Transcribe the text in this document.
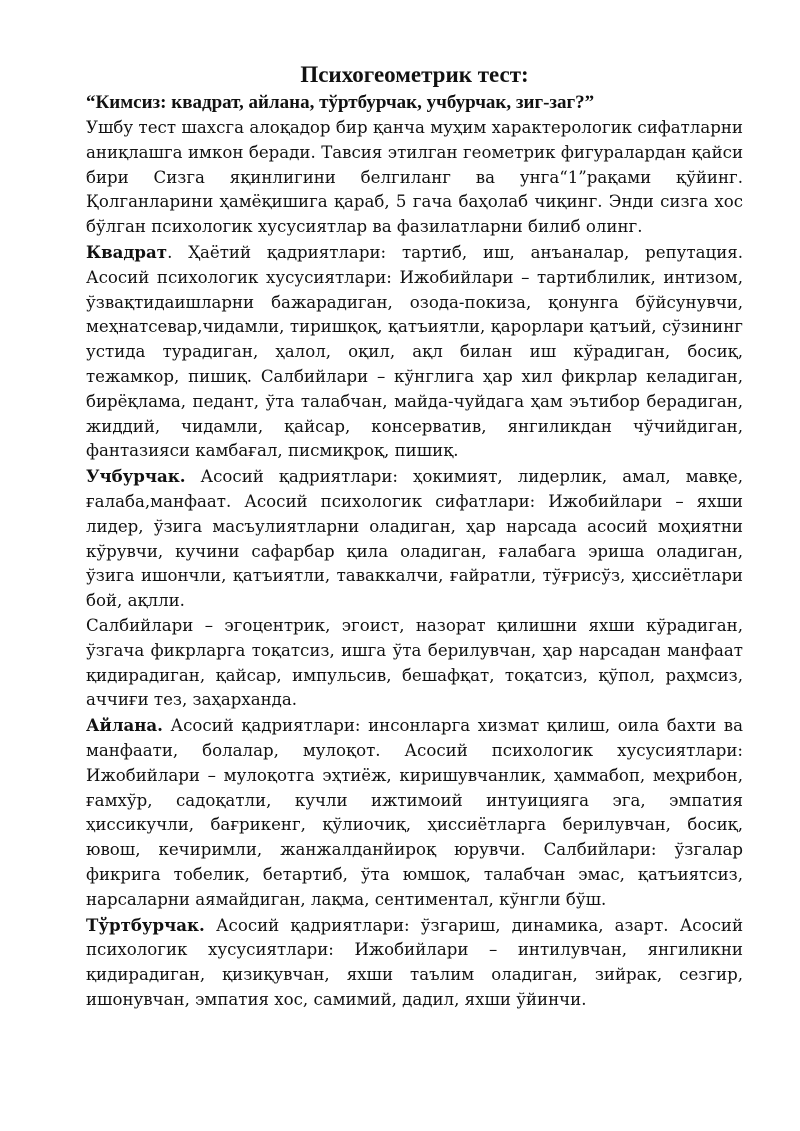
Психогеометрик тест:

“Кимсиз: квадрат, айлана, тўртбурчак, учбурчак, зиг-заг?”

Ушбу тест шахсга алоқадор бир қанча муҳим характерологик сифатларни аниқлашга имкон беради. Тавсия этилган геометрик фигуралардан қайси бири Сизга яқинлигини белгиланг ва унга“1”рақами қўйинг. Қолганларини ҳамёқишига қараб, 5 гача баҳолаб чиқинг. Энди сизга хос бўлган психологик хусусиятлар ва фазилатларни билиб олинг.

Квадрат. Ҳаётий қадриятлари: тартиб, иш, анъаналар, репутация. Асосий психологик хусусиятлари: Ижобийлари – тартиблилик, интизом, ўзвақтидаишларни бажарадиган, озода-покиза, қонунга бўйсунувчи, меҳнатсевар,чидамли, тиришқоқ, қатъиятли, қарорлари қатъий, сўзининг устида турадиган, ҳалол, оқил, ақл билан иш кўрадиган, босиқ, тежамкор, пишиқ. Салбийлари – кўнглига ҳар хил фикрлар келадиган, бирёқлама, педант, ўта талабчан, майда-чуйдага ҳам эътибор берадиган, жиддий, чидамли, қайсар, консерватив, янгиликдан чўчийдиган, фантазияси камбағал, писмиқроқ, пишиқ.

Учбурчак. Асосий қадриятлари: ҳокимият, лидерлик, амал, мавқе, ғалаба,манфаат. Асосий психологик сифатлари: Ижобийлари – яхши лидер, ўзига масъулиятларни оладиган, ҳар нарсада асосий моҳиятни кўрувчи, кучини сафарбар қила оладиган, ғалабага эриша оладиган, ўзига ишончли, қатъиятли, таваккалчи, ғайратли, тўғрисўз, ҳиссиётлари бой, ақлли.

Салбийлари – эгоцентрик, эгоист, назорат қилишни яхши кўрадиган, ўзгача фикрларга тоқатсиз, ишга ўта берилувчан, ҳар нарсадан манфаат қидирадиган, қайсар, импульсив, бешафқат, тоқатсиз, қўпол, раҳмсиз, аччиғи тез, заҳарханда.

Айлана. Асосий қадриятлари: инсонларга хизмат қилиш, оила бахти ва манфаати, болалар, мулоқот. Асосий психологик хусусиятлари: Ижобийлари – мулоқотга эҳтиёж, киришувчанлик, ҳаммабоп, меҳрибон, ғамхўр, садоқатли, кучли ижтимоий интуицияга эга, эмпатия ҳиссикучли, бағрикенг, қўлиочиқ, ҳиссиётларга берилувчан, босиқ, ювош, кечиримли, жанжалданйироқ юрувчи. Салбийлари: ўзгалар фикрига тобелик, бетартиб, ўта юмшоқ, талабчан эмас, қатъиятсиз, нарсаларни аямайдиган, лақма, сентиментал, кўнгли бўш.

Тўртбурчак. Асосий қадриятлари: ўзгариш, динамика, азарт. Асосий психологик хусусиятлари: Ижобийлари – интилувчан, янгиликни қидирадиган, қизиқувчан, яхши таълим оладиган, зийрак, сезгир, ишонувчан, эмпатия хос, самимий, дадил, яхши ўйинчи.
